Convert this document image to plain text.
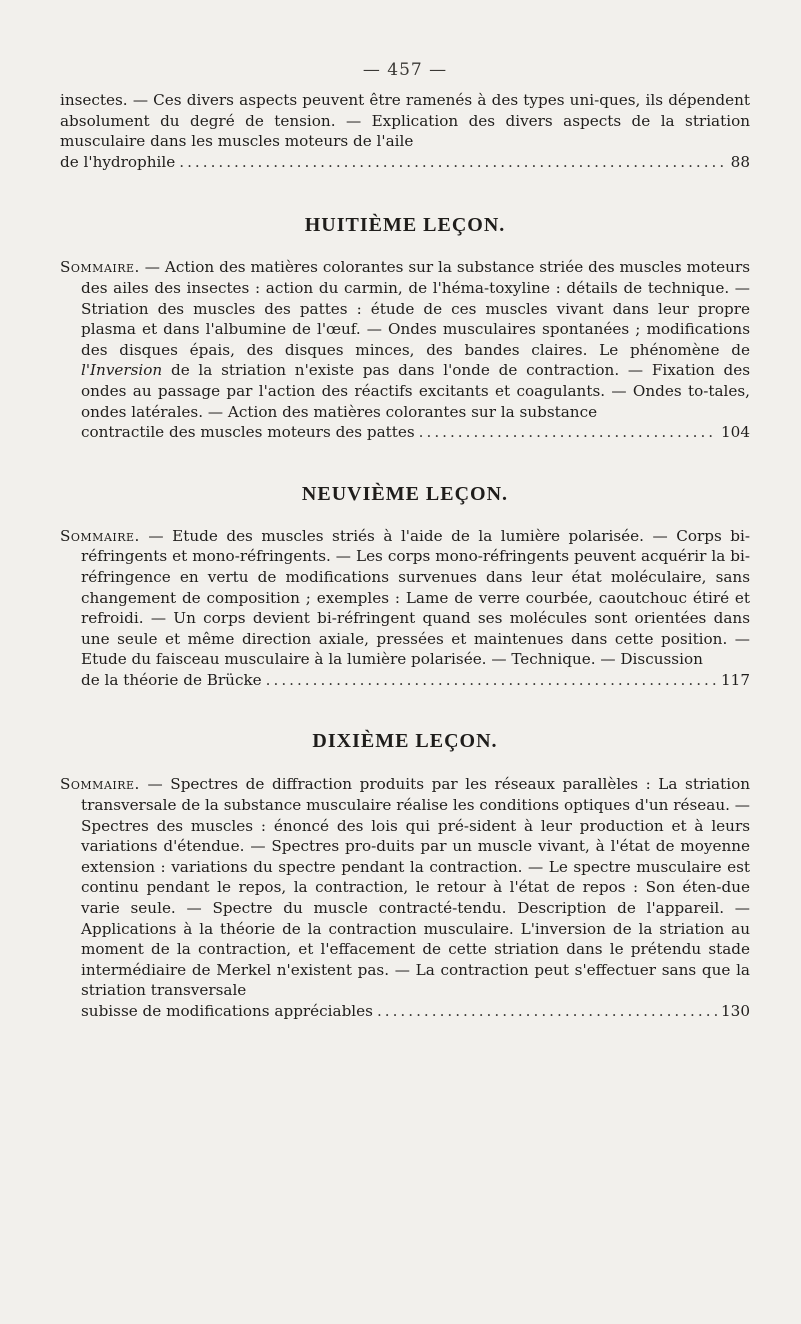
— 457 —

insectes. — Ces divers aspects peuvent être ramenés à des types uni-ques, ils dépendent absolument du degré de tension. — Explication des divers aspects de la striation musculaire dans les muscles moteurs de l'aile

de l'hydrophile .....	88
HUITIÈME LEÇON.

Sommaire. — Action des matières colorantes sur la substance striée des muscles moteurs des ailes des insectes : action du carmin, de l'héma-toxyline : détails de technique. — Striation des muscles des pattes : étude de ces muscles vivant dans leur propre plasma et dans l'albumine de l'œuf. — Ondes musculaires spontanées ; modifications des disques épais, des disques minces, des bandes claires. Le phénomène de l'Inversion de la striation n'existe pas dans l'onde de contraction. — Fixation des ondes au passage par l'action des réactifs excitants et coagulants. — Ondes to-tales, ondes latérales. — Action des matières colorantes sur la substance

contractile des muscles moteurs des pattes .....	104
NEUVIÈME LEÇON.

Sommaire. — Etude des muscles striés à l'aide de la lumière polarisée. — Corps bi-réfringents et mono-réfringents. — Les corps mono-réfringents peuvent acquérir la bi-réfringence en vertu de modifications survenues dans leur état moléculaire, sans changement de composition ; exemples : Lame de verre courbée, caoutchouc étiré et refroidi. — Un corps devient bi-réfringent quand ses molécules sont orientées dans une seule et même direction axiale, pressées et maintenues dans cette position. — Etude du faisceau musculaire à la lumière polarisée. — Technique. — Discussion

de la théorie de Brücke .....	117
DIXIÈME LEÇON.

Sommaire. — Spectres de diffraction produits par les réseaux parallèles : La striation transversale de la substance musculaire réalise les conditions optiques d'un réseau. — Spectres des muscles : énoncé des lois qui pré-sident à leur production et à leurs variations d'étendue. — Spectres pro-duits par un muscle vivant, à l'état de moyenne extension : variations du spectre pendant la contraction. — Le spectre musculaire est continu pendant le repos, la contraction, le retour à l'état de repos : Son éten-due varie seule. — Spectre du muscle contracté-tendu. Description de l'appareil. — Applications à la théorie de la contraction musculaire. L'inversion de la striation au moment de la contraction, et l'effacement de cette striation dans le prétendu stade intermédiaire de Merkel n'existent pas. — La contraction peut s'effectuer sans que la striation transversale

subisse de modifications appréciables .....	130
